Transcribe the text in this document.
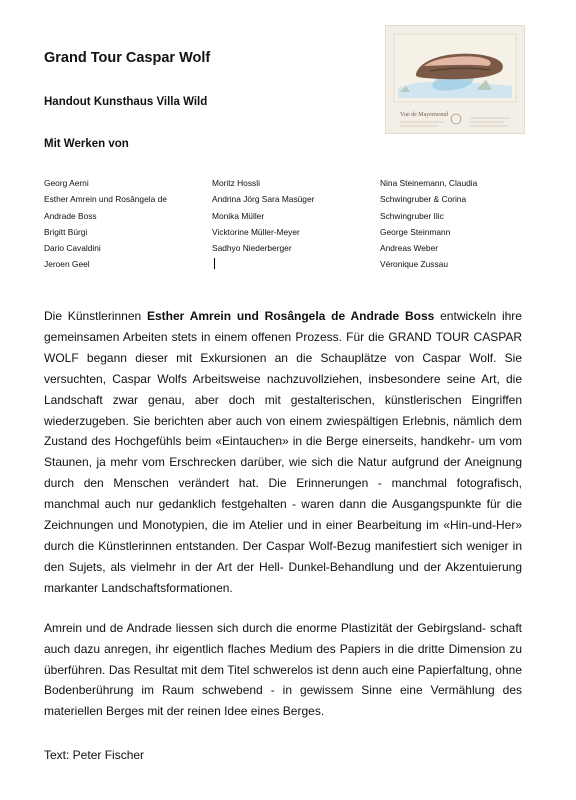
Grand Tour Caspar Wolf
Handout Kunsthaus Villa Wild
Mit Werken von
Vue de Mayenwand
Georg Aerni
Esther Amrein und Rosângela de
Andrade Boss
Brigitt Bürgi
Dario Cavaldini
Jeroen Geel
Moritz Hossli
Andrina Jörg Sara Masüger
Monika Müller
Vicktorine Müller-Meyer
Sadhyo Niederberger
Nina Steinemann, Claudia
Schwingruber & Corina
Schwingruber Ilic
George Steinmann
Andreas Weber
Véronique Zussau

Die Künstlerinnen Esther Amrein und Rosângela de Andrade Boss entwickeln ihre gemeinsamen Arbeiten stets in einem offenen Prozess. Für die GRAND TOUR CASPAR WOLF begann dieser mit Exkursionen an die Schauplätze von Caspar Wolf. Sie versuchten, Caspar Wolfs Arbeitsweise nachzuvollziehen, insbesondere seine Art, die Landschaft zwar genau, aber doch mit gestalterischen, künstlerischen Eingriffen wiederzugeben. Sie berichten aber auch von einem zwiespältigen Erlebnis, nämlich dem Zustand des Hochgefühls beim «Eintauchen» in die Berge einerseits, handkehr- um vom Staunen, ja mehr vom Erschrecken darüber, wie sich die Natur aufgrund der Aneignung durch den Menschen verändert hat. Die Erinnerungen - manchmal fotografisch, manchmal auch nur gedanklich festgehalten - waren dann die Ausgangspunkte für die Zeichnungen und Monotypien, die im Atelier und in einer Bearbeitung im «Hin-und-Her» durch die Künstlerinnen entstanden. Der Caspar Wolf-Bezug manifestiert sich weniger in den Sujets, als vielmehr in der Art der Hell- Dunkel-Behandlung und der Akzentuierung markanter Landschaftsformationen.

Amrein und de Andrade liessen sich durch die enorme Plastizität der Gebirgsland- schaft auch dazu anregen, ihr eigentlich flaches Medium des Papiers in die dritte Dimension zu überführen. Das Resultat mit dem Titel schwerelos ist denn auch eine Papierfaltung, ohne Bodenberührung im Raum schwebend - in gewissem Sinne eine Vermählung des materiellen Berges mit der reinen Idee eines Berges.

Text: Peter Fischer
